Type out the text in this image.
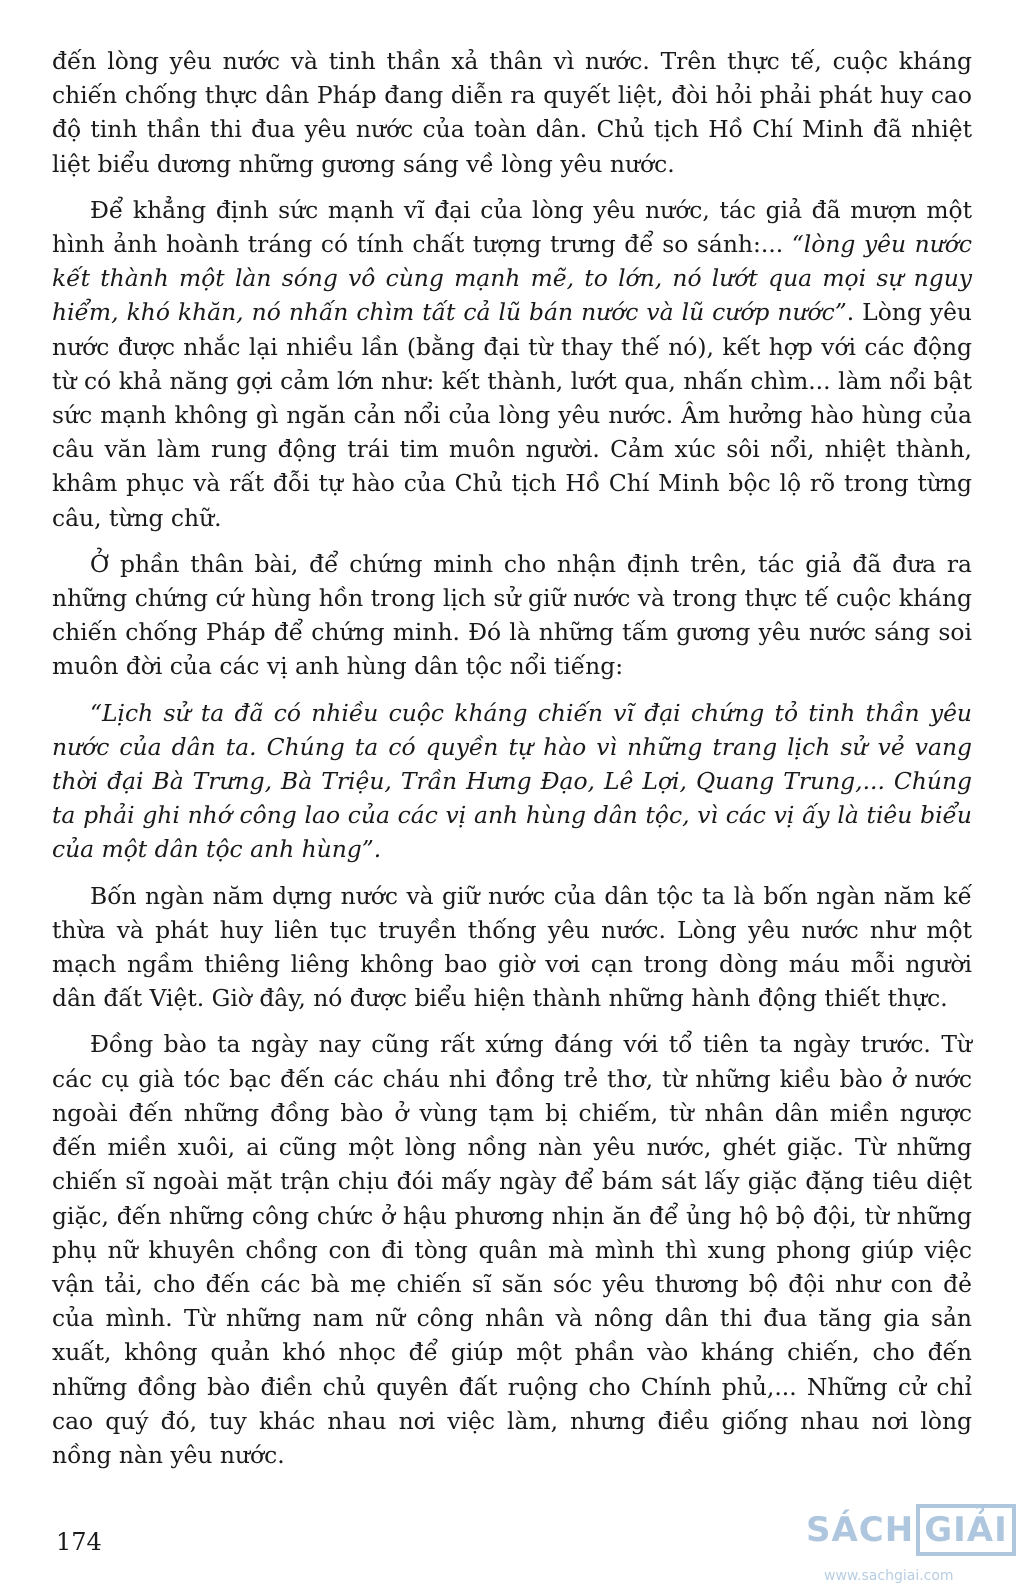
đến lòng yêu nước và tinh thần xả thân vì nước. Trên thực tế, cuộc kháng chiến chống thực dân Pháp đang diễn ra quyết liệt, đòi hỏi phải phát huy cao độ tinh thần thi đua yêu nước của toàn dân. Chủ tịch Hồ Chí Minh đã nhiệt liệt biểu dương những gương sáng về lòng yêu nước.

Để khẳng định sức mạnh vĩ đại của lòng yêu nước, tác giả đã mượn một hình ảnh hoành tráng có tính chất tượng trưng để so sánh:... “lòng yêu nước kết thành một làn sóng vô cùng mạnh mẽ, to lớn, nó lướt qua mọi sự nguy hiểm, khó khăn, nó nhấn chìm tất cả lũ bán nước và lũ cướp nước”. Lòng yêu nước được nhắc lại nhiều lần (bằng đại từ thay thế nó), kết hợp với các động từ có khả năng gợi cảm lớn như: kết thành, lướt qua, nhấn chìm... làm nổi bật sức mạnh không gì ngăn cản nổi của lòng yêu nước. Âm hưởng hào hùng của câu văn làm rung động trái tim muôn người. Cảm xúc sôi nổi, nhiệt thành, khâm phục và rất đỗi tự hào của Chủ tịch Hồ Chí Minh bộc lộ rõ trong từng câu, từng chữ.

Ở phần thân bài, để chứng minh cho nhận định trên, tác giả đã đưa ra những chứng cứ hùng hồn trong lịch sử giữ nước và trong thực tế cuộc kháng chiến chống Pháp để chứng minh. Đó là những tấm gương yêu nước sáng soi muôn đời của các vị anh hùng dân tộc nổi tiếng:

“Lịch sử ta đã có nhiều cuộc kháng chiến vĩ đại chứng tỏ tinh thần yêu nước của dân ta. Chúng ta có quyền tự hào vì những trang lịch sử vẻ vang thời đại Bà Trưng, Bà Triệu, Trần Hưng Đạo, Lê Lợi, Quang Trung,... Chúng ta phải ghi nhớ công lao của các vị anh hùng dân tộc, vì các vị ấy là tiêu biểu của một dân tộc anh hùng”.

Bốn ngàn năm dựng nước và giữ nước của dân tộc ta là bốn ngàn năm kế thừa và phát huy liên tục truyền thống yêu nước. Lòng yêu nước như một mạch ngầm thiêng liêng không bao giờ vơi cạn trong dòng máu mỗi người dân đất Việt. Giờ đây, nó được biểu hiện thành những hành động thiết thực.

Đồng bào ta ngày nay cũng rất xứng đáng với tổ tiên ta ngày trước. Từ các cụ già tóc bạc đến các cháu nhi đồng trẻ thơ, từ những kiều bào ở nước ngoài đến những đồng bào ở vùng tạm bị chiếm, từ nhân dân miền ngược đến miền xuôi, ai cũng một lòng nồng nàn yêu nước, ghét giặc. Từ những chiến sĩ ngoài mặt trận chịu đói mấy ngày để bám sát lấy giặc đặng tiêu diệt giặc, đến những công chức ở hậu phương nhịn ăn để ủng hộ bộ đội, từ những phụ nữ khuyên chồng con đi tòng quân mà mình thì xung phong giúp việc vận tải, cho đến các bà mẹ chiến sĩ săn sóc yêu thương bộ đội như con đẻ của mình. Từ những nam nữ công nhân và nông dân thi đua tăng gia sản xuất, không quản khó nhọc để giúp một phần vào kháng chiến, cho đến những đồng bào điền chủ quyên đất ruộng cho Chính phủ,... Những cử chỉ cao quý đó, tuy khác nhau nơi việc làm, nhưng điều giống nhau nơi lòng nồng nàn yêu nước.

174	SÁCH GIẢI
www.sachgiai.com
